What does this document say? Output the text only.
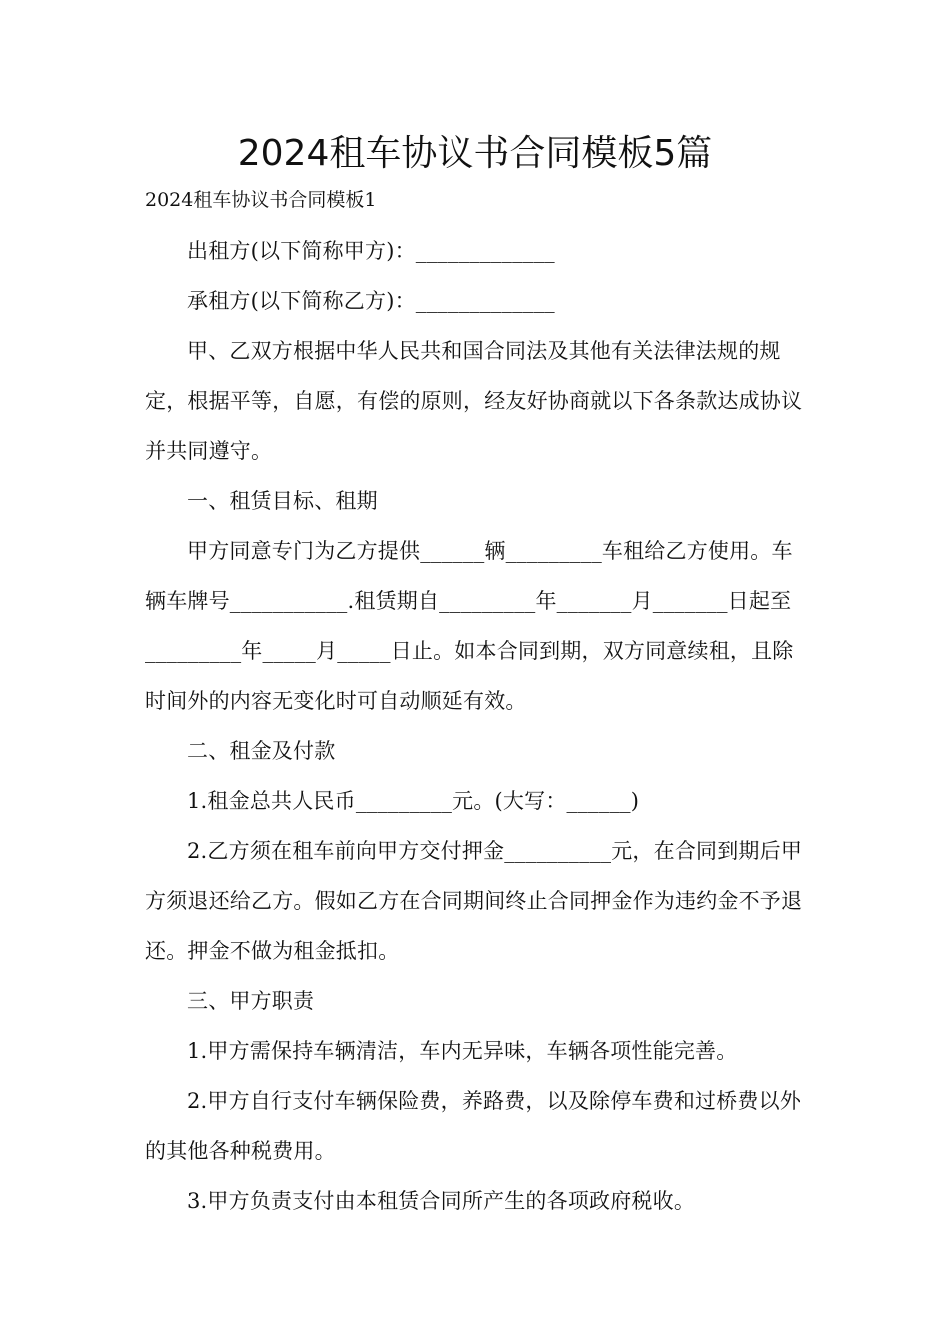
2024租车协议书合同模板5篇
2024租车协议书合同模板1
出租方(以下简称甲方)：_____________
承租方(以下简称乙方)：_____________
甲、乙双方根据中华人民共和国合同法及其他有关法律法规的规定，根据平等，自愿，有偿的原则，经友好协商就以下各条款达成协议并共同遵守。
一、租赁目标、租期
甲方同意专门为乙方提供______辆_________车租给乙方使用。车辆车牌号___________.租赁期自_________年_______月_______日起至_________年_____月_____日止。如本合同到期，双方同意续租，且除时间外的内容无变化时可自动顺延有效。
二、租金及付款
1.租金总共人民币_________元。(大写：______)
2.乙方须在租车前向甲方交付押金__________元，在合同到期后甲方须退还给乙方。假如乙方在合同期间终止合同押金作为违约金不予退还。押金不做为租金抵扣。
三、甲方职责
1.甲方需保持车辆清洁，车内无异味，车辆各项性能完善。
2.甲方自行支付车辆保险费，养路费，以及除停车费和过桥费以外的其他各种税费用。
3.甲方负责支付由本租赁合同所产生的各项政府税收。
